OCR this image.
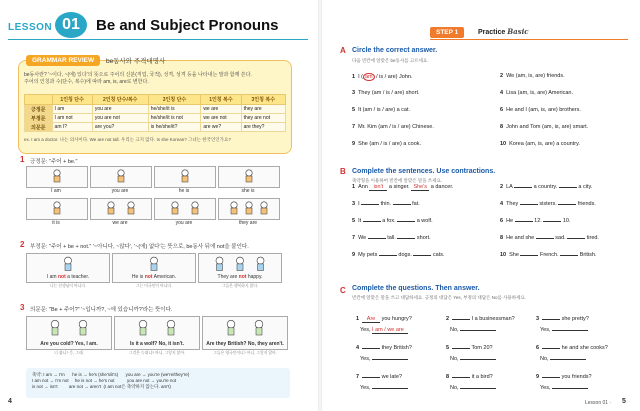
LESSON 01	Be and Subject Pronouns
GRAMMAR REVIEW	be동사와 주격대명사
be동사란? '~이다, ~(에) 있다'의 뜻으로 주어의 신분(직업, 국적), 성격, 성격 등을 나타내는 말과 함께 쓴다.
주어의 인칭과 수(단수, 복수)에 따라 am, is, are로 변한다.
	1인칭 단수	2인칭 단수/복수	3인칭 단수	1인칭 복수	3인칭 복수
긍정문	I am	you are	he/she/it is	we are	they are
부정문	I am not	you are not	he/she/it is not	we are not	they are not
의문문	am I?	are you?	is he/she/it?	are we?	are they?
ex. I am a doctor. 나는 의사이다. We are not tall. 우리는 크지 않다. Is she Korean? 그녀는 한국인인가요?
1 긍정문: "주어 + be."
I am	you are	he is	she is
it is	we are	you are	they are
2 부정문: "주어 + be + not." '~아니다, ~않다', '~(에) 없다'는 뜻으로, be동사 뒤에 not을 붙인다.
I am not a teacher.
나는 선생님이 아니다.
He is not American.
그는 미국인이 아니다.
They are not happy.
그들은 행복하지 않다.
3 의문문: "Be + 주어?" '~입니까?, ~에 있습니까?'라는 뜻이다.
Are you cold? Yes, I am.
너 춥니? 응, 그래.
Is it a wolf? No, it isn't.
그것은 늑대니? 아니, 그렇지 않아.
Are they British? No, they aren't.
그들은 영국인이니? 아니, 그렇지 않아.
축약: I am → I'm      he is → he's (she's/it's)      you are → you're (we're/they're)
I am not → I'm not     he is not → he's not          you are not → you're not
is not → isn't         are not → aren't  (I am not은 축약하지 않는다. am't)
4
STEP 1	Practice Basic
A Circle the correct answer.
다음 빈칸에 알맞은 be동사를 고르세요.
1 I ( am / is / are) John.	2 We (am, is, are) friends.
3 They (am / is / are) short.	4 Lisa (am, is, are) American.
5 It (am / is / are) a cat.	6 He and I (am, is, are) brothers.
7 Mr. Kim (am / is / are) Chinese.	8 John and Tom (am, is, are) smart.
9 She (am / is / are) a cook.	10 Korea (am, is, are) a country.
B Complete the sentences. Use contractions.
축약형을 이용하여 빈칸에 알맞은 말을 쓰세요.
1 Ann isn't a singer. She's a dancer.	2 LA	a country.	a city.
3 I	thin.	fat.	4 They	sisters.	friends.
5 It	a fox.	a wolf.	6 He	12.	10.
7 We	tall.	short.	8 He and she	sad.	tired.
9 My pets	dogs.	cats.	10 She	French.	British.
C Complete the questions. Then answer.
빈칸에 알맞은 말을 쓰고 대답하세요. 긍정의 대답은 Yes, 부정의 대답은 No를 사용하세요.
1 Are you hungry?
Yes, I am / we are
2	I a businessman?
No,
3	she pretty?
Yes,
4	they British?
Yes,
5	Tom 20?
No,
6	he and she cooks?
No,
7	we late?
Yes,
8	it a bird?
No,
9	you friends?
Yes,
Lesson 01 · 5
